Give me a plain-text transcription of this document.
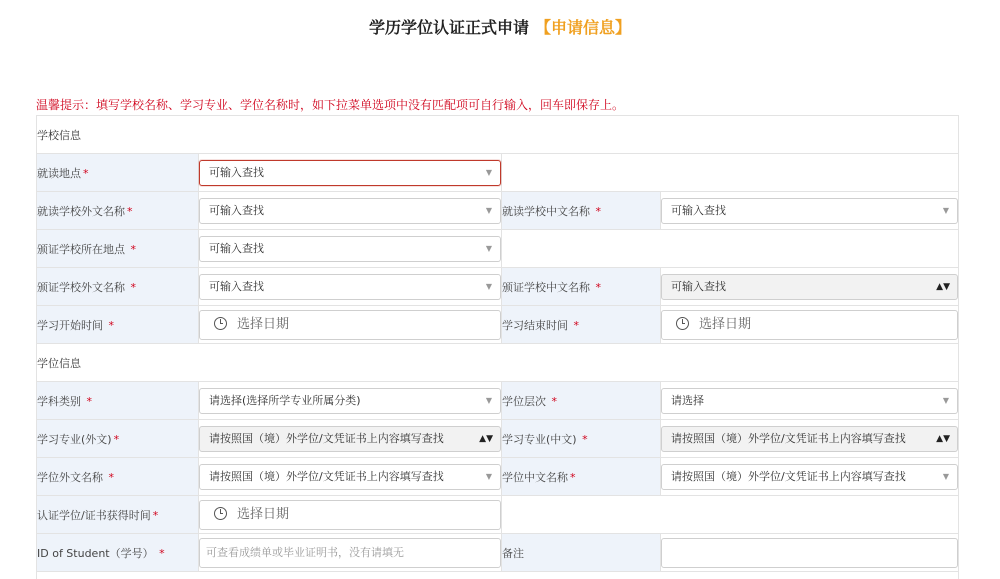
学历学位认证正式申请 【申请信息】
温馨提示：填写学校名称、学习专业、学位名称时，如下拉菜单选项中没有匹配项可自行输入，回车即保存上。
学校信息			
就读地点 *	可输入查找 ▼		

就读学校外文名称 *	可输入查找 ▼	就读学校中文名称 *	可输入查找 ▼

颁证学校所在地点 *	可输入查找 ▼		

颁证学校外文名称 *	可输入查找 ▼	颁证学校中文名称 *	可输入查找 ▲▼

学习开始时间 *	选择日期	学习结束时间 *	选择日期

学位信息			
学科类别 *	请选择(选择所学专业所属分类) ▼	学位层次 *	请选择 ▼

学习专业(外文) *	请按照国（境）外学位/文凭证书上内容填写查找 ▲▼	学习专业(中文) *	请按照国（境）外学位/文凭证书上内容填写查找 ▲▼

学位外文名称 *	请按照国（境）外学位/文凭证书上内容填写查找 ▼	学位中文名称 *	请按照国（境）外学位/文凭证书上内容填写查找 ▼

认证学位/证书获得时间 *	选择日期		

ID of Student（学号） *	可查看成绩单或毕业证明书，没有请填无	备注	
